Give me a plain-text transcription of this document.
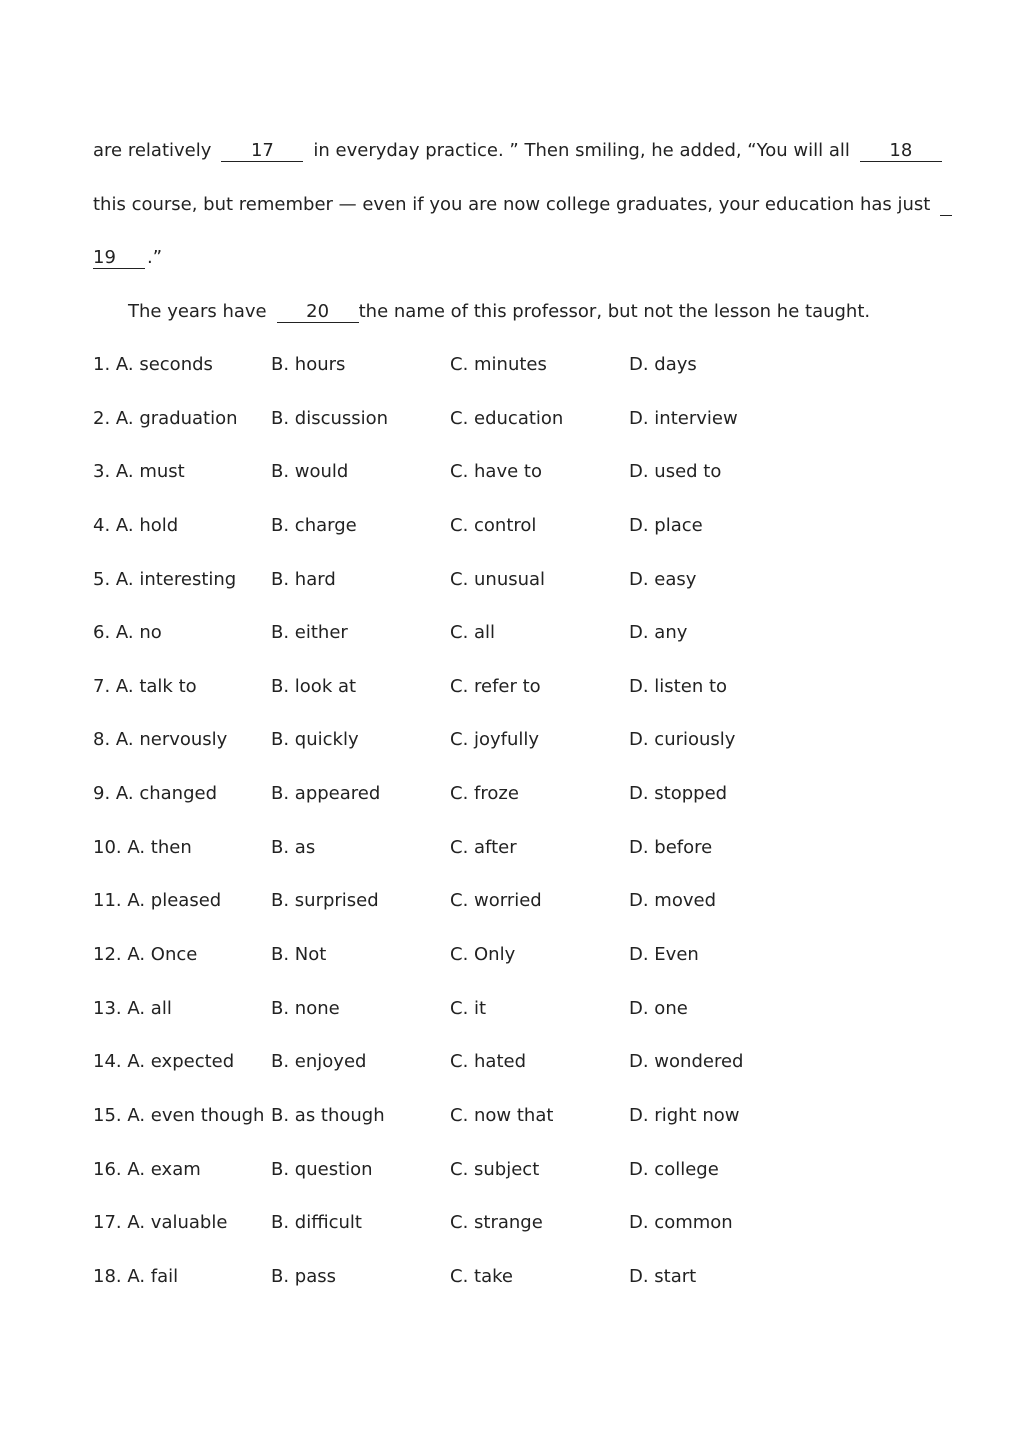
are relatively 17 in everyday practice. ” Then smiling, he added, “You will all 18
this course, but remember — even if you are now college graduates, your education has just
19 .”
The years have 20 the name of this professor, but not the lesson he taught.
1. A. seconds	B. hours	C. minutes	D. days
2. A. graduation B. discussion	C. education	D. interview
3. A. must	B. would	C. have to	D. used to
4. A. hold	B. charge	C. control	D. place
5. A. interesting B. hard	C. unusual	D. easy
6. A. no	B. either	C. all	D. any
7. A. talk to	B. look at	C. refer to	D. listen to
8. A. nervously B. quickly	C. joyfully	D. curiously
9. A. changed	B. appeared	C. froze	D. stopped
10. A. then	B. as	C. after	D. before
11. A. pleased	B. surprised	C. worried	D. moved
12. A. Once	B. Not	C. Only	D. Even
13. A. all	B. none	C. it	D. one
14. A. expected B. enjoyed	C. hated	D. wondered
15. A. even though B. as though	C. now that	D. right now
16. A. exam	B. question	C. subject	D. college
17. A. valuable B. difficult	C. strange	D. common
18. A. fail	B. pass	C. take	D. start
